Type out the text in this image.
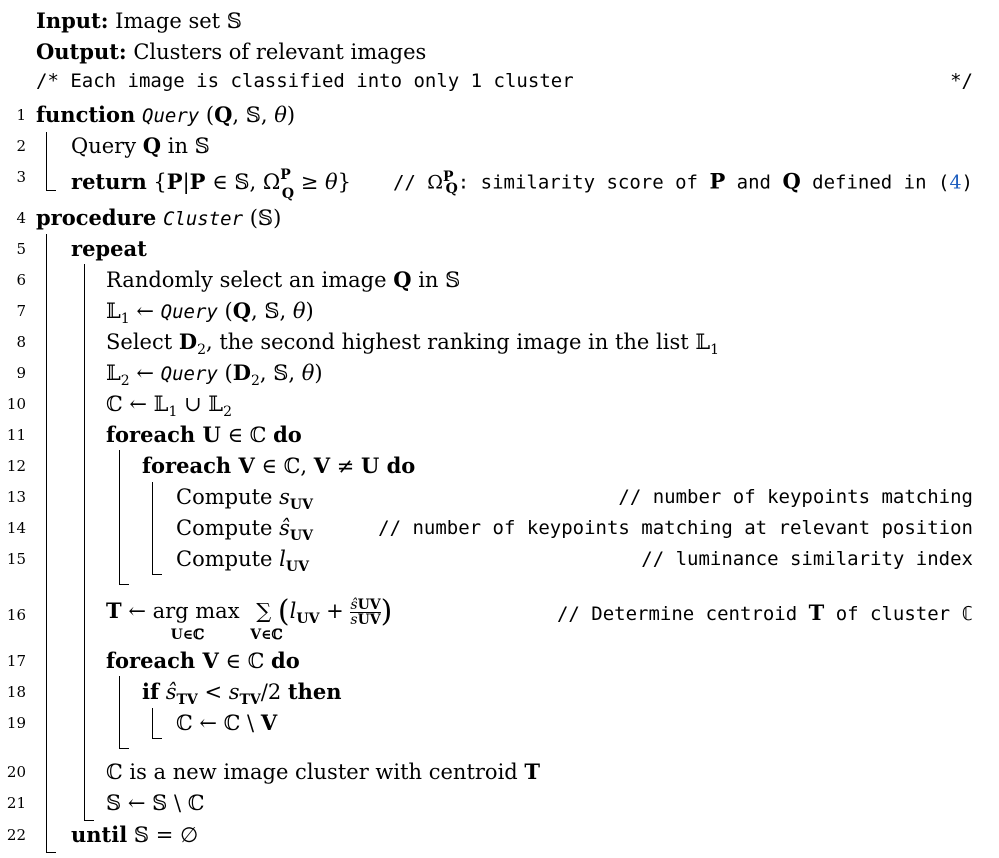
Input: Image set 𝕊
Output: Clusters of relevant images
/* Each image is classified into only 1 cluster	*/
1 function Query (Q, 𝕊, θ)
2 Query Q in 𝕊
3 return {P|P ∈ 𝕊, $\Omega^P_Q \ge \theta\} // \Omega^P_Q$: similarity score of P and Q defined in (4)
4 procedure Cluster (𝕊)
5 repeat
6	Randomly select an image Q in 𝕊
7	𝕃$_1$ ← Query (Q, 𝕊, θ)
8	Select $D_2$, the second highest ranking image in the list 𝕃$_1$
9	𝕃$_2$ ← Query ($D_2$, 𝕊, θ)
10	ℂ ← 𝕃$_1$ ∪ 𝕃$_2$
11	foreach U ∈ ℂ do
12	foreach V ∈ ℂ, V ≠ U do
13	Compute $s_{UV}$	// number of keypoints matching
14	Compute $ŝ_{UV}$	// number of keypoints matching at relevant position
15	Compute $l_{UV}$	// luminance similarity index
16	T ← arg max
U∈ℂ
∑
V∈ℂ
($l_{UV}$ + ŝUV
sUV)	// Determine centroid T of cluster ℂ
17	foreach V ∈ ℂ do
18	if $ŝ_{TV} < s_{TV}/2$ then
19	ℂ ← ℂ \ V
20	ℂ is a new image cluster with centroid T
21	𝕊 ← 𝕊 \ ℂ
22 until 𝕊 = ∅
